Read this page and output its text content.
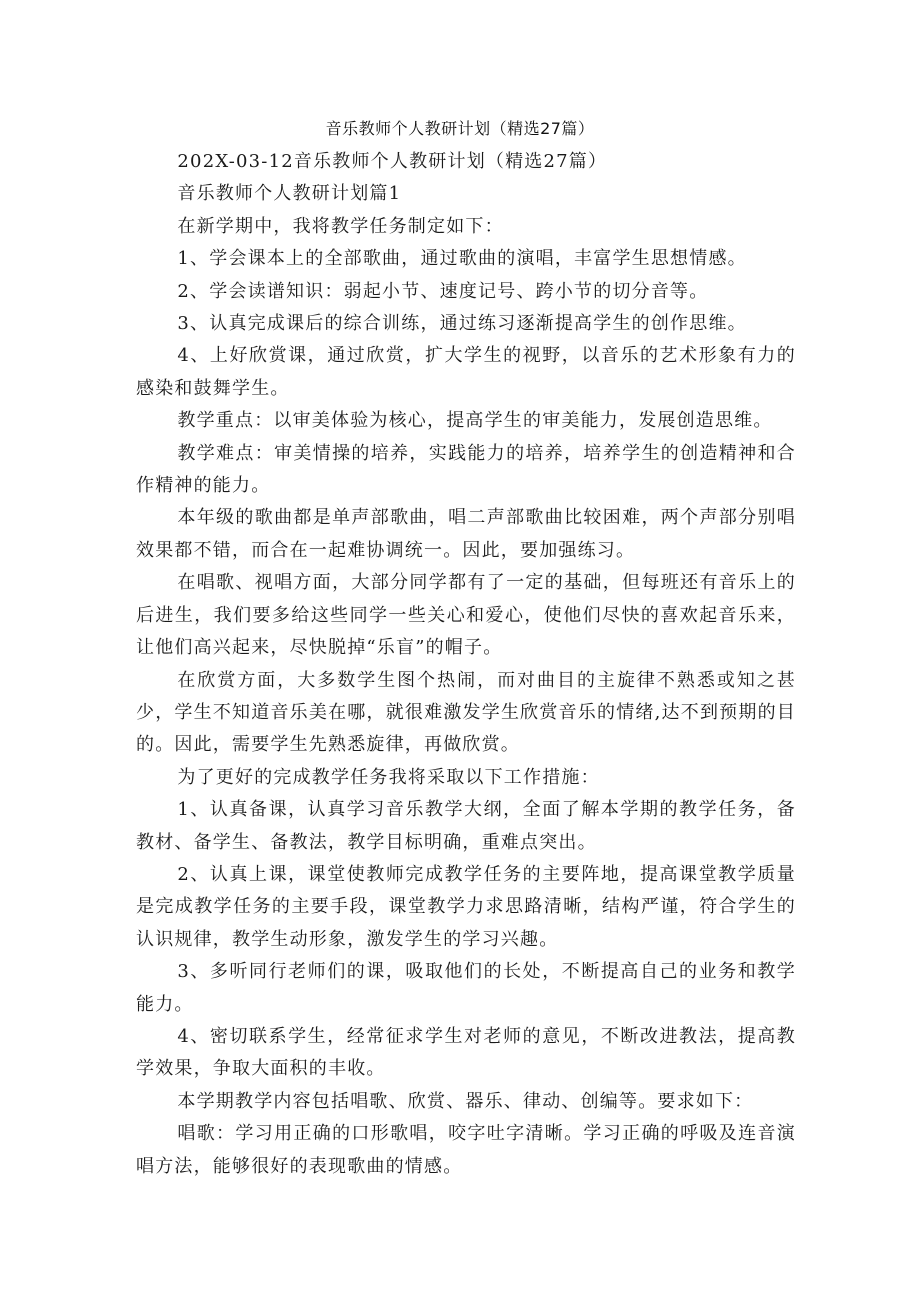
音乐教师个人教研计划（精选27篇）

202X-03-12音乐教师个人教研计划（精选27篇）

音乐教师个人教研计划篇1

在新学期中，我将教学任务制定如下：

1、学会课本上的全部歌曲，通过歌曲的演唱，丰富学生思想情感。

2、学会读谱知识：弱起小节、速度记号、跨小节的切分音等。

3、认真完成课后的综合训练，通过练习逐渐提高学生的创作思维。

4、上好欣赏课，通过欣赏，扩大学生的视野，以音乐的艺术形象有力的感染和鼓舞学生。

教学重点：以审美体验为核心，提高学生的审美能力，发展创造思维。

教学难点：审美情操的培养，实践能力的培养，培养学生的创造精神和合作精神的能力。

本年级的歌曲都是单声部歌曲，唱二声部歌曲比较困难，两个声部分别唱效果都不错，而合在一起难协调统一。因此，要加强练习。

在唱歌、视唱方面，大部分同学都有了一定的基础，但每班还有音乐上的后进生，我们要多给这些同学一些关心和爱心，使他们尽快的喜欢起音乐来，让他们高兴起来，尽快脱掉“乐盲”的帽子。

在欣赏方面，大多数学生图个热闹，而对曲目的主旋律不熟悉或知之甚少，学生不知道音乐美在哪，就很难激发学生欣赏音乐的情绪,达不到预期的目的。因此，需要学生先熟悉旋律，再做欣赏。

为了更好的完成教学任务我将采取以下工作措施：

1、认真备课，认真学习音乐教学大纲，全面了解本学期的教学任务，备教材、备学生、备教法，教学目标明确，重难点突出。

2、认真上课，课堂使教师完成教学任务的主要阵地，提高课堂教学质量是完成教学任务的主要手段，课堂教学力求思路清晰，结构严谨，符合学生的认识规律，教学生动形象，激发学生的学习兴趣。

3、多听同行老师们的课，吸取他们的长处，不断提高自己的业务和教学能力。

4、密切联系学生，经常征求学生对老师的意见，不断改进教法，提高教学效果，争取大面积的丰收。

本学期教学内容包括唱歌、欣赏、器乐、律动、创编等。要求如下：

唱歌：学习用正确的口形歌唱，咬字吐字清晰。学习正确的呼吸及连音演唱方法，能够很好的表现歌曲的情感。
